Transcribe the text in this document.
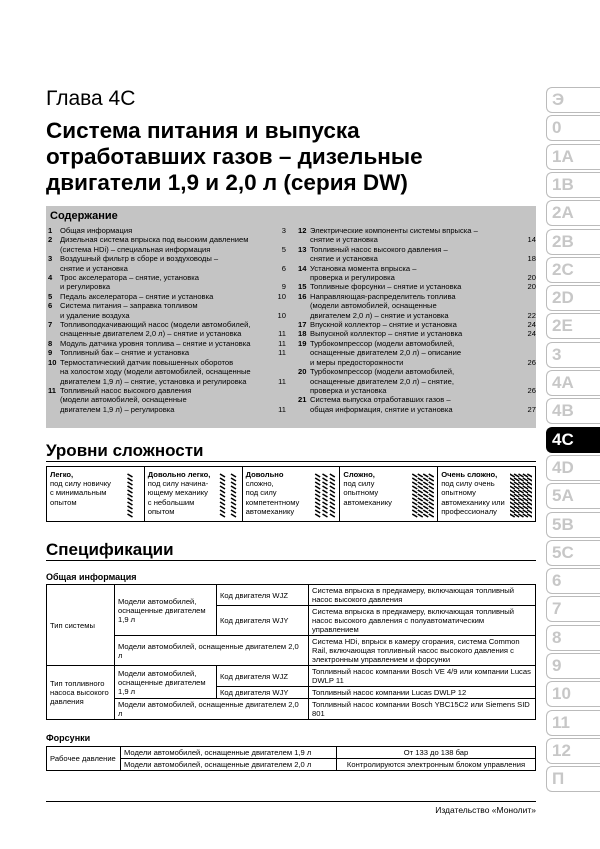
Глава 4C
Система питания и выпуска
отработавших газов – дизельные
двигатели 1,9 и 2,0 л (серия DW)
Содержание
1	Общая информация	3
2	Дизельная система впрыска под высоким давлением
(система HDi) – специальная информация	5
3	Воздушный фильтр в сборе и воздуховоды –
снятие и установка	6
4	Трос акселератора – снятие, установка
и регулировка	9
5	Педаль акселератора – снятие и установка	10
6	Система питания – заправка топливом
и удаление воздуха	10
7	Топливоподкачивающий насос (модели автомобилей,
снащенные двигателем 2,0 л) – снятие и установка	11
8	Модуль датчика уровня топлива – снятие и установка	11
9	Топливный бак – снятие и установка	11
10 Термостатический датчик повышенных оборотов
на холостом ходу (модели автомобилей, оснащенные
двигателем 1,9 л) – снятие, установка и регулировка	11
11 Топливный насос высокого давления
(модели автомобилей, оснащенные
двигателем 1,9 л) – регулировка	11
12 Электрические компоненты системы впрыска –
снятие и установка	14
13 Топливный насос высокого давления –
снятие и установка	18
14 Установка момента впрыска –
проверка и регулировка	20
15 Топливные форсунки – снятие и установка	20
16 Направляющая-распределитель топлива
(модели автомобилей, оснащенные
двигателем 2,0 л) – снятие и установка	22
17 Впускной коллектор – снятие и установка	24
18 Выпускной коллектор – снятие и установка	24
19 Турбокомпрессор (модели автомобилей,
оснащенные двигателем 2,0 л) – описание
и меры предосторожности	26
20 Турбокомпрессор (модели автомобилей,
оснащенные двигателем 2,0 л) – снятие,
проверка и установка	26
21 Система выпуска отработавших газов –
общая информация, снятие и установка	27
Уровни сложности
Легко,
под силу новичку
с минимальным
опытом
Довольно легко,
под силу начина-
ющему механику
с небольшим
опытом
Довольно
сложно,
под силу
компетентному
автомеханику
Сложно,
под силу
опытному
автомеханику
Очень сложно,
под силу очень
опытному
автомеханику или
профессионалу
Спецификации
Общая информация
Тип системы	Модели автомобилей, оснащенные двигателем 1,9 л	Код двигателя WJZ	Система впрыска в предкамеру, включающая топливный насос высокого давления
		Код двигателя WJY	Система впрыска в предкамеру, включающая топливный насос высокого давления с полуавтоматическим управлением
	Модели автомобилей, оснащенные двигателем 2,0 л		Система HDi, впрыск в камеру сгорания, система Common Rail, включающая топливный насос высокого давления с электронным управлением и форсунки
Тип топливного насоса высокого давления	Модели автомобилей, оснащенные двигателем 1,9 л	Код двигателя WJZ	Топливный насос компании Bosch VE 4/9 или компании Lucas DWLP 11
		Код двигателя WJY	Топливный насос компании Lucas DWLP 12
	Модели автомобилей, оснащенные двигателем 2,0 л		Топливный насос компании Bosch YBC15C2 или Siemens SID 801
Форсунки
Рабочее давление	Модели автомобилей, оснащенные двигателем 1,9 л	От 133 до 138 бар
	Модели автомобилей, оснащенные двигателем 2,0 л	Контролируются электронным блоком управления
Э
0
1A
1B
2A
2B
2C
2D
2E
3
4A
4B
4C
4D
5A
5B
5C
6
7
8
9
10
11
12
П
Издательство «Монолит»
